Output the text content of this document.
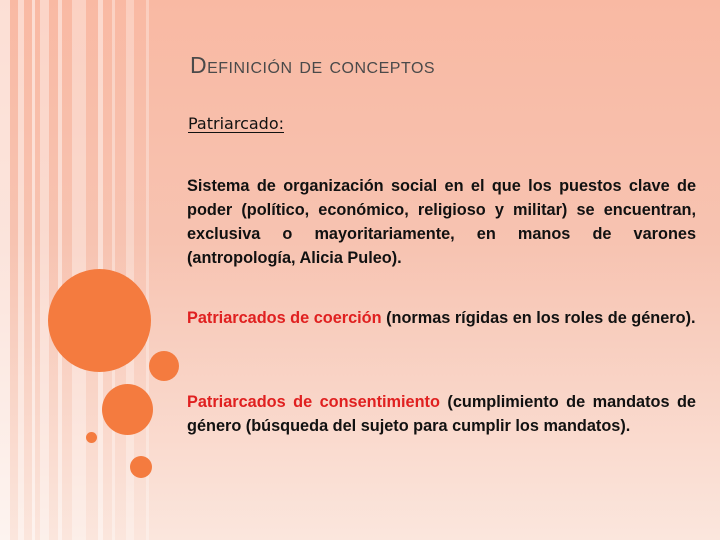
Definición de conceptos
Patriarcado:

Sistema de organización social en el que los puestos clave de poder (político, económico, religioso y militar) se encuentran, exclusiva o mayoritariamente, en manos de varones (antropología, Alicia Puleo).

Patriarcados de coerción (normas rígidas en los roles de género).

Patriarcados de consentimiento (cumplimiento de mandatos de género (búsqueda del sujeto para cumplir los mandatos).
